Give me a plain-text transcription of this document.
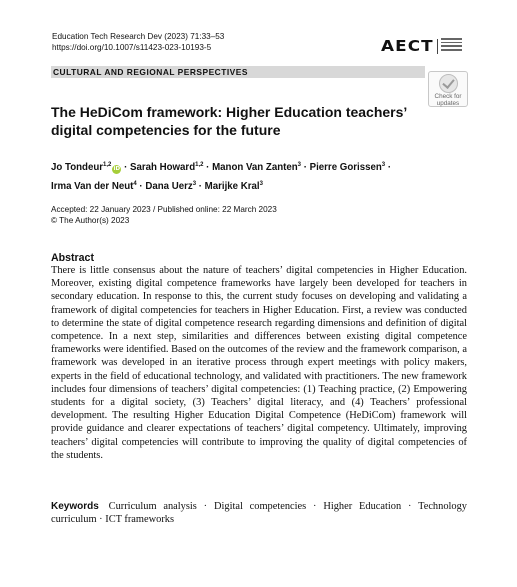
Education Tech Research Dev (2023) 71:33–53
https://doi.org/10.1007/s11423-023-10193-5	AECT
CULTURAL AND REGIONAL PERSPECTIVES
Check for
updates
The HeDiCom framework: Higher Education teachers’ digital competencies for the future
Jo Tondeur$^{1,2}$iD · Sarah Howard$^{1,2}$ · Manon Van Zanten$^3$ · Pierre Gorissen$^3$ ·
Irma Van der Neut$^4$ · Dana Uerz$^3$ · Marijke Kral$^3$
Accepted: 22 January 2023 / Published online: 22 March 2023
© The Author(s) 2023
Abstract

There is little consensus about the nature of teachers’ digital competencies in Higher Education. Moreover, existing digital competence frameworks have largely been developed for teachers in secondary education. In response to this, the current study focuses on developing and validating a framework of digital competencies for teachers in Higher Education. First, a review was conducted to determine the state of digital competence research regarding dimensions and definition of digital competence. In a next step, similarities and differences between existing digital competence frameworks were identified. Based on the outcomes of the review and the framework comparison, a framework was developed in an iterative process through expert meetings with policy makers, experts in the field of educational technology, and validated with practitioners. The new framework includes four dimensions of teachers’ digital competencies: (1) Teaching practice, (2) Empowering students for a digital society, (3) Teachers’ digital literacy, and (4) Teachers’ professional development. The resulting Higher Education Digital Competence (HeDiCom) framework will provide guidance and clearer expectations of teachers’ digital competency. Ultimately, improving teachers’ digital competencies will contribute to improving the quality of digital competencies of the students.

Keywords Curriculum analysis · Digital competencies · Higher Education · Technology curriculum · ICT frameworks
